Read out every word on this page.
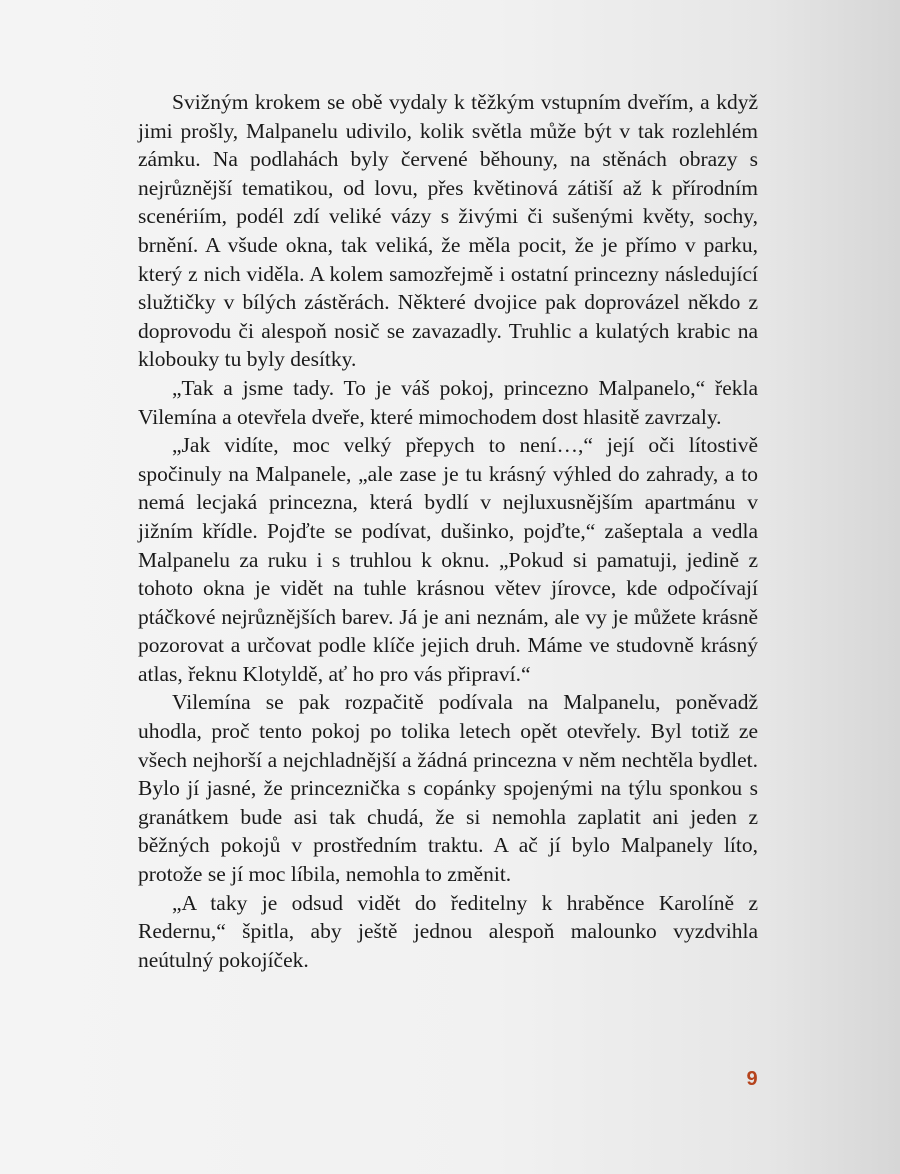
Svižným krokem se obě vydaly k těžkým vstupním dveřím, a když jimi prošly, Malpanelu udivilo, kolik světla může být v tak rozlehlém zámku. Na podlahách byly červené běhouny, na stěnách obrazy s nejrůznější tematikou, od lovu, přes květinová zátiší až k přírodním scenériím, podél zdí veliké vázy s živými či sušenými květy, sochy, brnění. A všude okna, tak veliká, že měla pocit, že je přímo v parku, který z nich viděla. A kolem samozřejmě i ostatní princezny následující služtičky v bílých zástěrách. Některé dvojice pak doprovázel někdo z doprovodu či alespoň nosič se zavazadly. Truhlic a kulatých krabic na klobouky tu byly desítky.

„Tak a jsme tady. To je váš pokoj, princezno Malpanelo,“ řekla Vilemína a otevřela dveře, které mimochodem dost hlasitě zavrzaly.

„Jak vidíte, moc velký přepych to není…,“ její oči lítostivě spočinuly na Malpanele, „ale zase je tu krásný výhled do zahrady, a to nemá lecjaká princezna, která bydlí v nejluxusnějším apartmánu v jižním křídle. Pojďte se podívat, dušinko, pojďte,“ zašeptala a vedla Malpanelu za ruku i s truhlou k oknu. „Pokud si pamatuji, jedině z tohoto okna je vidět na tuhle krásnou větev jírovce, kde odpočívají ptáčkové nejrůznějších barev. Já je ani neznám, ale vy je můžete krásně pozorovat a určovat podle klíče jejich druh. Máme ve studovně krásný atlas, řeknu Klotyldě, ať ho pro vás připraví.“

Vilemína se pak rozpačitě podívala na Malpanelu, poněvadž uhodla, proč tento pokoj po tolika letech opět otevřely. Byl totiž ze všech nejhorší a nejchladnější a žádná princezna v něm nechtěla bydlet. Bylo jí jasné, že princeznička s copánky spojenými na týlu sponkou s granátkem bude asi tak chudá, že si nemohla zaplatit ani jeden z běžných pokojů v prostředním traktu. A ač jí bylo Malpanely líto, protože se jí moc líbila, nemohla to změnit.

„A taky je odsud vidět do ředitelny k hraběnce Karolíně z Redernu,“ špitla, aby ještě jednou alespoň malounko vyzdvihla neútulný pokojíček.

9
